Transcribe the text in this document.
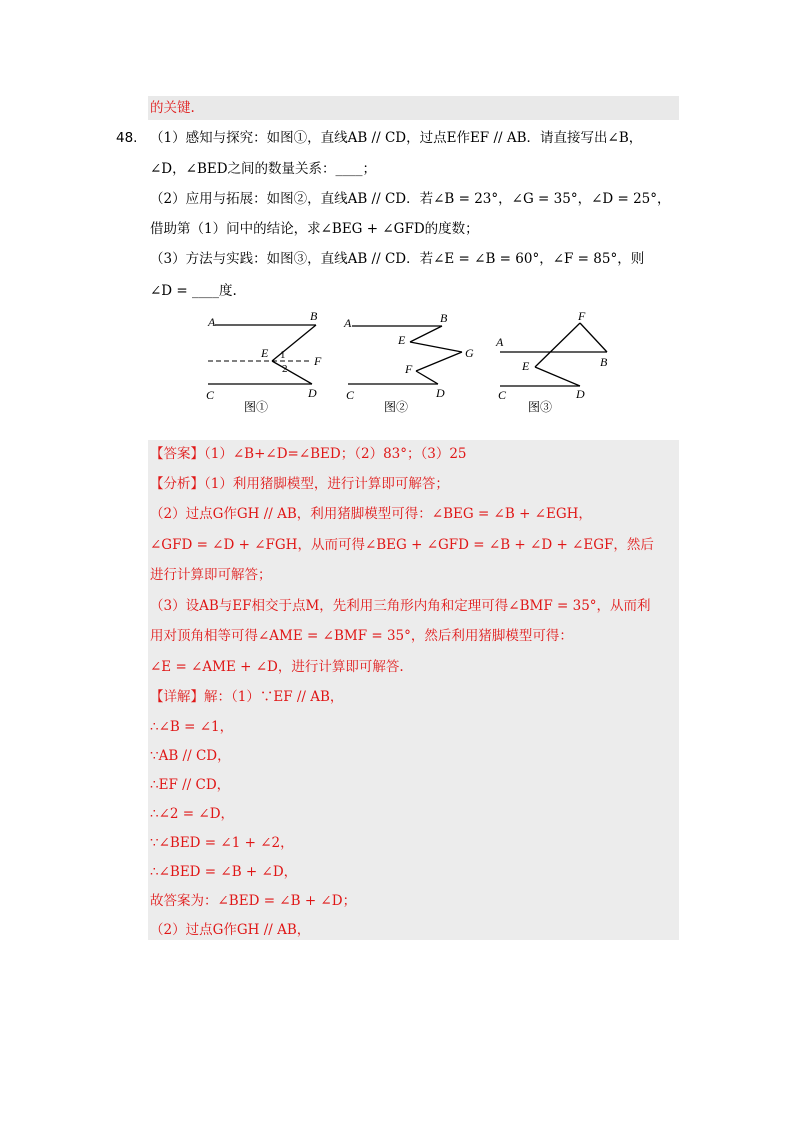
的关键.
48. （1）感知与探究：如图①，直线AB // CD，过点E作EF // AB．请直接写出∠B，
∠D，∠BED之间的数量关系：____；
（2）应用与拓展：如图②，直线AB // CD．若∠B = 23°，∠G = 35°，∠D = 25°，
借助第（1）问中的结论，求∠BEG + ∠GFD的度数；
（3）方法与实践：如图③，直线AB // CD．若∠E = ∠B = 60°，∠F = 85°，则
∠D = ____度.
A	B
E 1
2
F
C	D
图①
A	B
E
G
F
C	D
图②
F
A
B
E
C	D
图③
【答案】（1）∠B+∠D=∠BED；（2）83°；（3）25
【分析】（1）利用猪脚模型，进行计算即可解答；
（2）过点G作GH // AB，利用猪脚模型可得：∠BEG = ∠B + ∠EGH，
∠GFD = ∠D + ∠FGH，从而可得∠BEG + ∠GFD = ∠B + ∠D + ∠EGF，然后
进行计算即可解答；
（3）设AB与EF相交于点M，先利用三角形内角和定理可得∠BMF = 35°，从而利
用对顶角相等可得∠AME = ∠BMF = 35°，然后利用猪脚模型可得：
∠E = ∠AME + ∠D，进行计算即可解答.
【详解】解：（1）∵EF // AB，
∴∠B = ∠1，
∵AB // CD，
∴EF // CD，
∴∠2 = ∠D，
∵∠BED = ∠1 + ∠2，
∴∠BED = ∠B + ∠D，
故答案为：∠BED = ∠B + ∠D；
（2）过点G作GH // AB，
